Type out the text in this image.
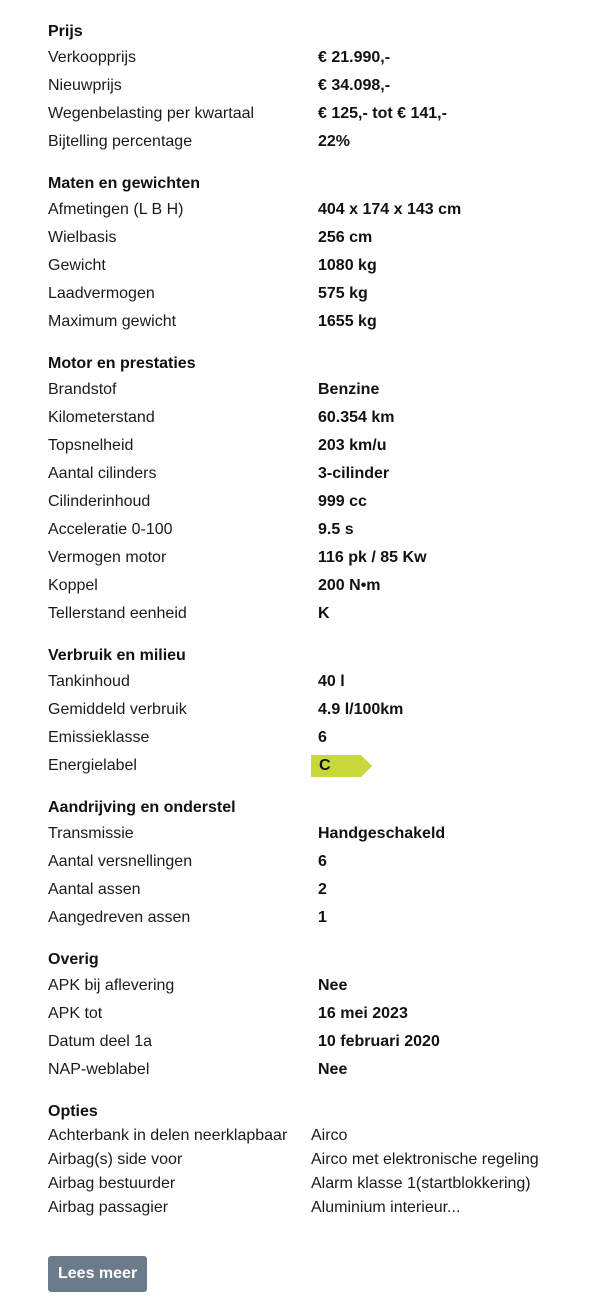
Prijs
Verkoopprijs	€ 21.990,-
Nieuwprijs	€ 34.098,-
Wegenbelasting per kwartaal	€ 125,- tot € 141,-
Bijtelling percentage	22%
Maten en gewichten
Afmetingen (L B H)	404 x 174 x 143 cm
Wielbasis	256 cm
Gewicht	1080 kg
Laadvermogen	575 kg
Maximum gewicht	1655 kg
Motor en prestaties
Brandstof	Benzine
Kilometerstand	60.354 km
Topsnelheid	203 km/u
Aantal cilinders	3-cilinder
Cilinderinhoud	999 cc
Acceleratie 0-100	9.5 s
Vermogen motor	116 pk / 85 Kw
Koppel	200 N•m
Tellerstand eenheid	K
Verbruik en milieu
Tankinhoud	40 l
Gemiddeld verbruik	4.9 l/100km
Emissieklasse	6
Energielabel	C
Aandrijving en onderstel
Transmissie	Handgeschakeld
Aantal versnellingen	6
Aantal assen	2
Aangedreven assen	1
Overig
APK bij aflevering	Nee
APK tot	16 mei 2023
Datum deel 1a	10 februari 2020
NAP-weblabel	Nee
Opties
Achterbank in delen neerklapbaar	Airco
Airbag(s) side voor	Airco met elektronische regeling
Airbag bestuurder	Alarm klasse 1(startblokkering)
Airbag passagier	Aluminium interieur...
Lees meer
